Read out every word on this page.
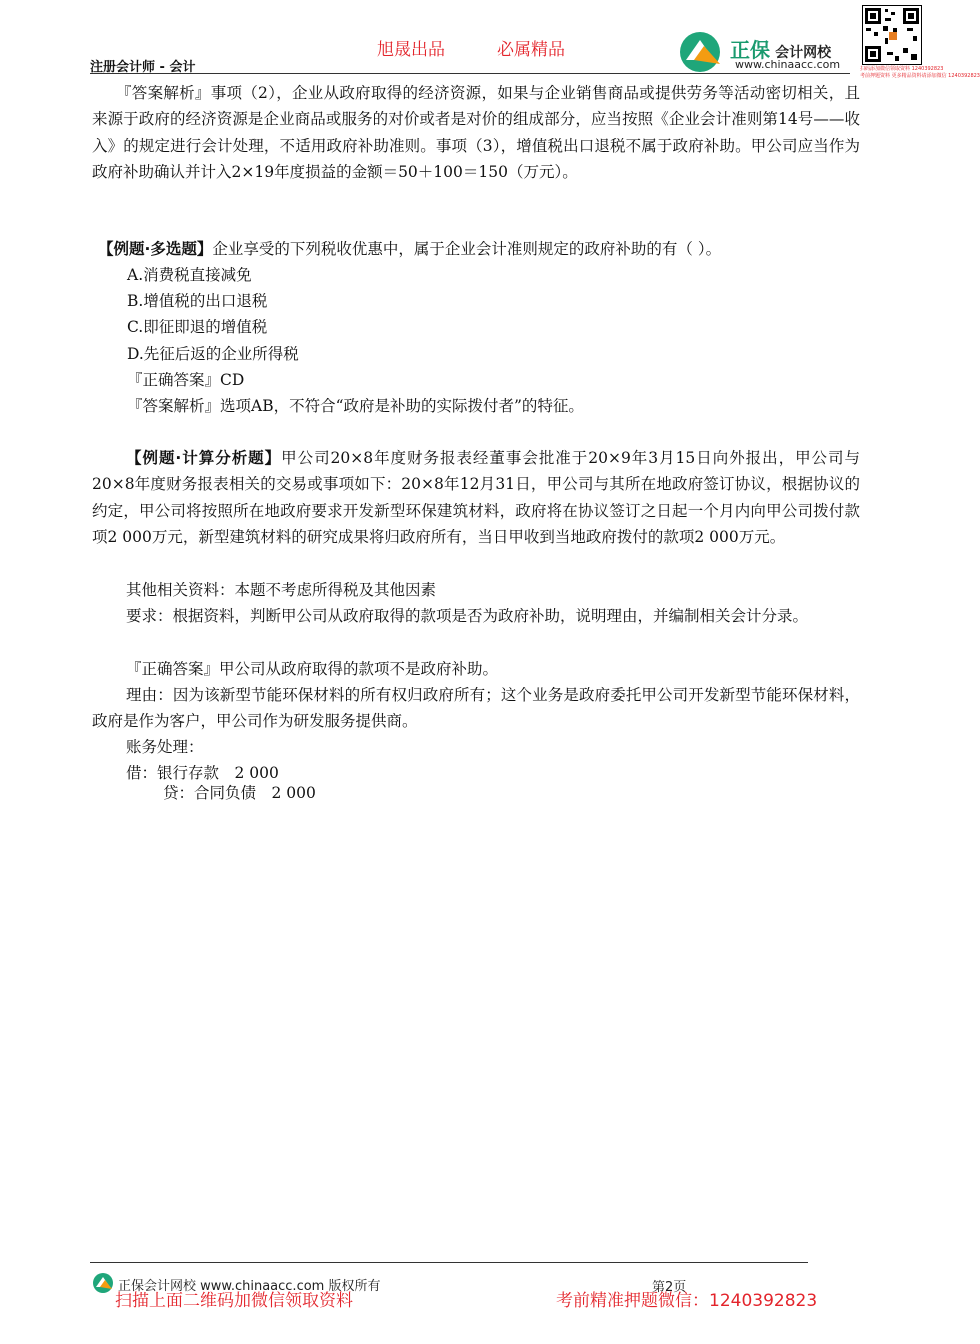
旭晟出品	必属精品
注册会计师 - 会计
正保 会计网校
www.chinaacc.com	扫码添加微信领取资料 1240392823
考前押题资料 更多精品资料请添加微信 1240392823
『答案解析』事项（2），企业从政府取得的经济资源，如果与企业销售商品或提供劳务等活动密切相关，且来源于政府的经济资源是企业商品或服务的对价或者是对价的组成部分，应当按照《企业会计准则第14号——收入》的规定进行会计处理，不适用政府补助准则。事项（3），增值税出口退税不属于政府补助。甲公司应当作为政府补助确认并计入2×19年度损益的金额＝50＋100＝150（万元）。
【例题·多选题】企业享受的下列税收优惠中，属于企业会计准则规定的政府补助的有（ ）。
A.消费税直接减免
B.增值税的出口退税
C.即征即退的增值税
D.先征后返的企业所得税
『正确答案』CD
『答案解析』选项AB，不符合“政府是补助的实际拨付者”的特征。
【例题·计算分析题】甲公司20×8年度财务报表经董事会批准于20×9年3月15日向外报出，甲公司与20×8年度财务报表相关的交易或事项如下：20×8年12月31日，甲公司与其所在地政府签订协议，根据协议的约定，甲公司将按照所在地政府要求开发新型环保建筑材料，政府将在协议签订之日起一个月内向甲公司拨付款项2 000万元，新型建筑材料的研究成果将归政府所有，当日甲收到当地政府拨付的款项2 000万元。
其他相关资料：本题不考虑所得税及其他因素
要求：根据资料，判断甲公司从政府取得的款项是否为政府补助，说明理由，并编制相关会计分录。
『正确答案』甲公司从政府取得的款项不是政府补助。
理由：因为该新型节能环保材料的所有权归政府所有；这个业务是政府委托甲公司开发新型节能环保材料，政府是作为客户，甲公司作为研发服务提供商。
账务处理：
借：银行存款　2 000
贷：合同负债　2 000
正保会计网校 www.chinaacc.com 版权所有	第2页
扫描上面二维码加微信领取资料	考前精准押题微信：1240392823
